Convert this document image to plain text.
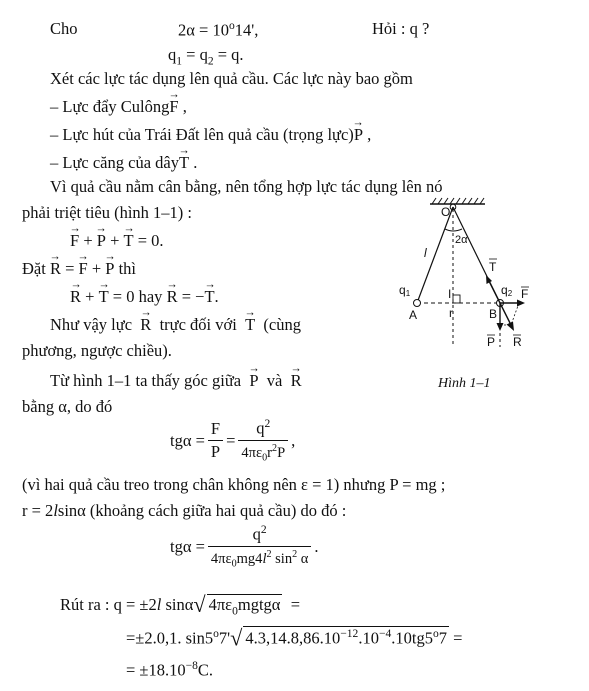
Cho	$2\alpha = 10^o14'$,	Hỏi : q ?
$q_1 = q_2 = q$.
Xét các lực tác dụng lên quả cầu. Các lực này bao gồm
– Lực đẩy Culông→ F ,
– Lực hút của Trái Đất lên quả cầu (trọng lực)→ P ,
– Lực căng của dây→ T .
Vì quả cầu nằm cân bằng, nên tổng hợp lực tác dụng lên nó
phải triệt tiêu (hình 1–1) :
→ F + → P + → T = 0.
Đặt → R = → F + → P thì
→ R + → T = 0 hay → R = −→ T.
Như vậy lực → R trực đối với → T (cùng
phương, ngược chiều).
Từ hình 1–1 ta thấy góc giữa → P và → R
bằng α, do đó
$tg\alpha = \frac{F}{P} = \frac{q^2}{4\pi\varepsilon_0r^2P}$ ,
(vì hai quả cầu treo trong chân không nên ε = 1) nhưng P = mg ;
r = 2lsinα (khoảng cách giữa hai quả cầu) do đó :
$tg\alpha = \frac{q^2}{4\pi\varepsilon_0mg4l^2 \sin^2 \alpha}$ .
Rút ra : q = ±2l sinα√ $4\pi\varepsilon_0mgtg\alpha$  =
=±2.0,1. sin5$^o$7'√ $4.3,14.8,86.10^{-12}.10^{-4}.10tg5^o7$ =
= $\pm 18.10^{-8}C$.
O
2α
l
T
q1	q2 F
A
I
r	B
P R
Hình 1–1
